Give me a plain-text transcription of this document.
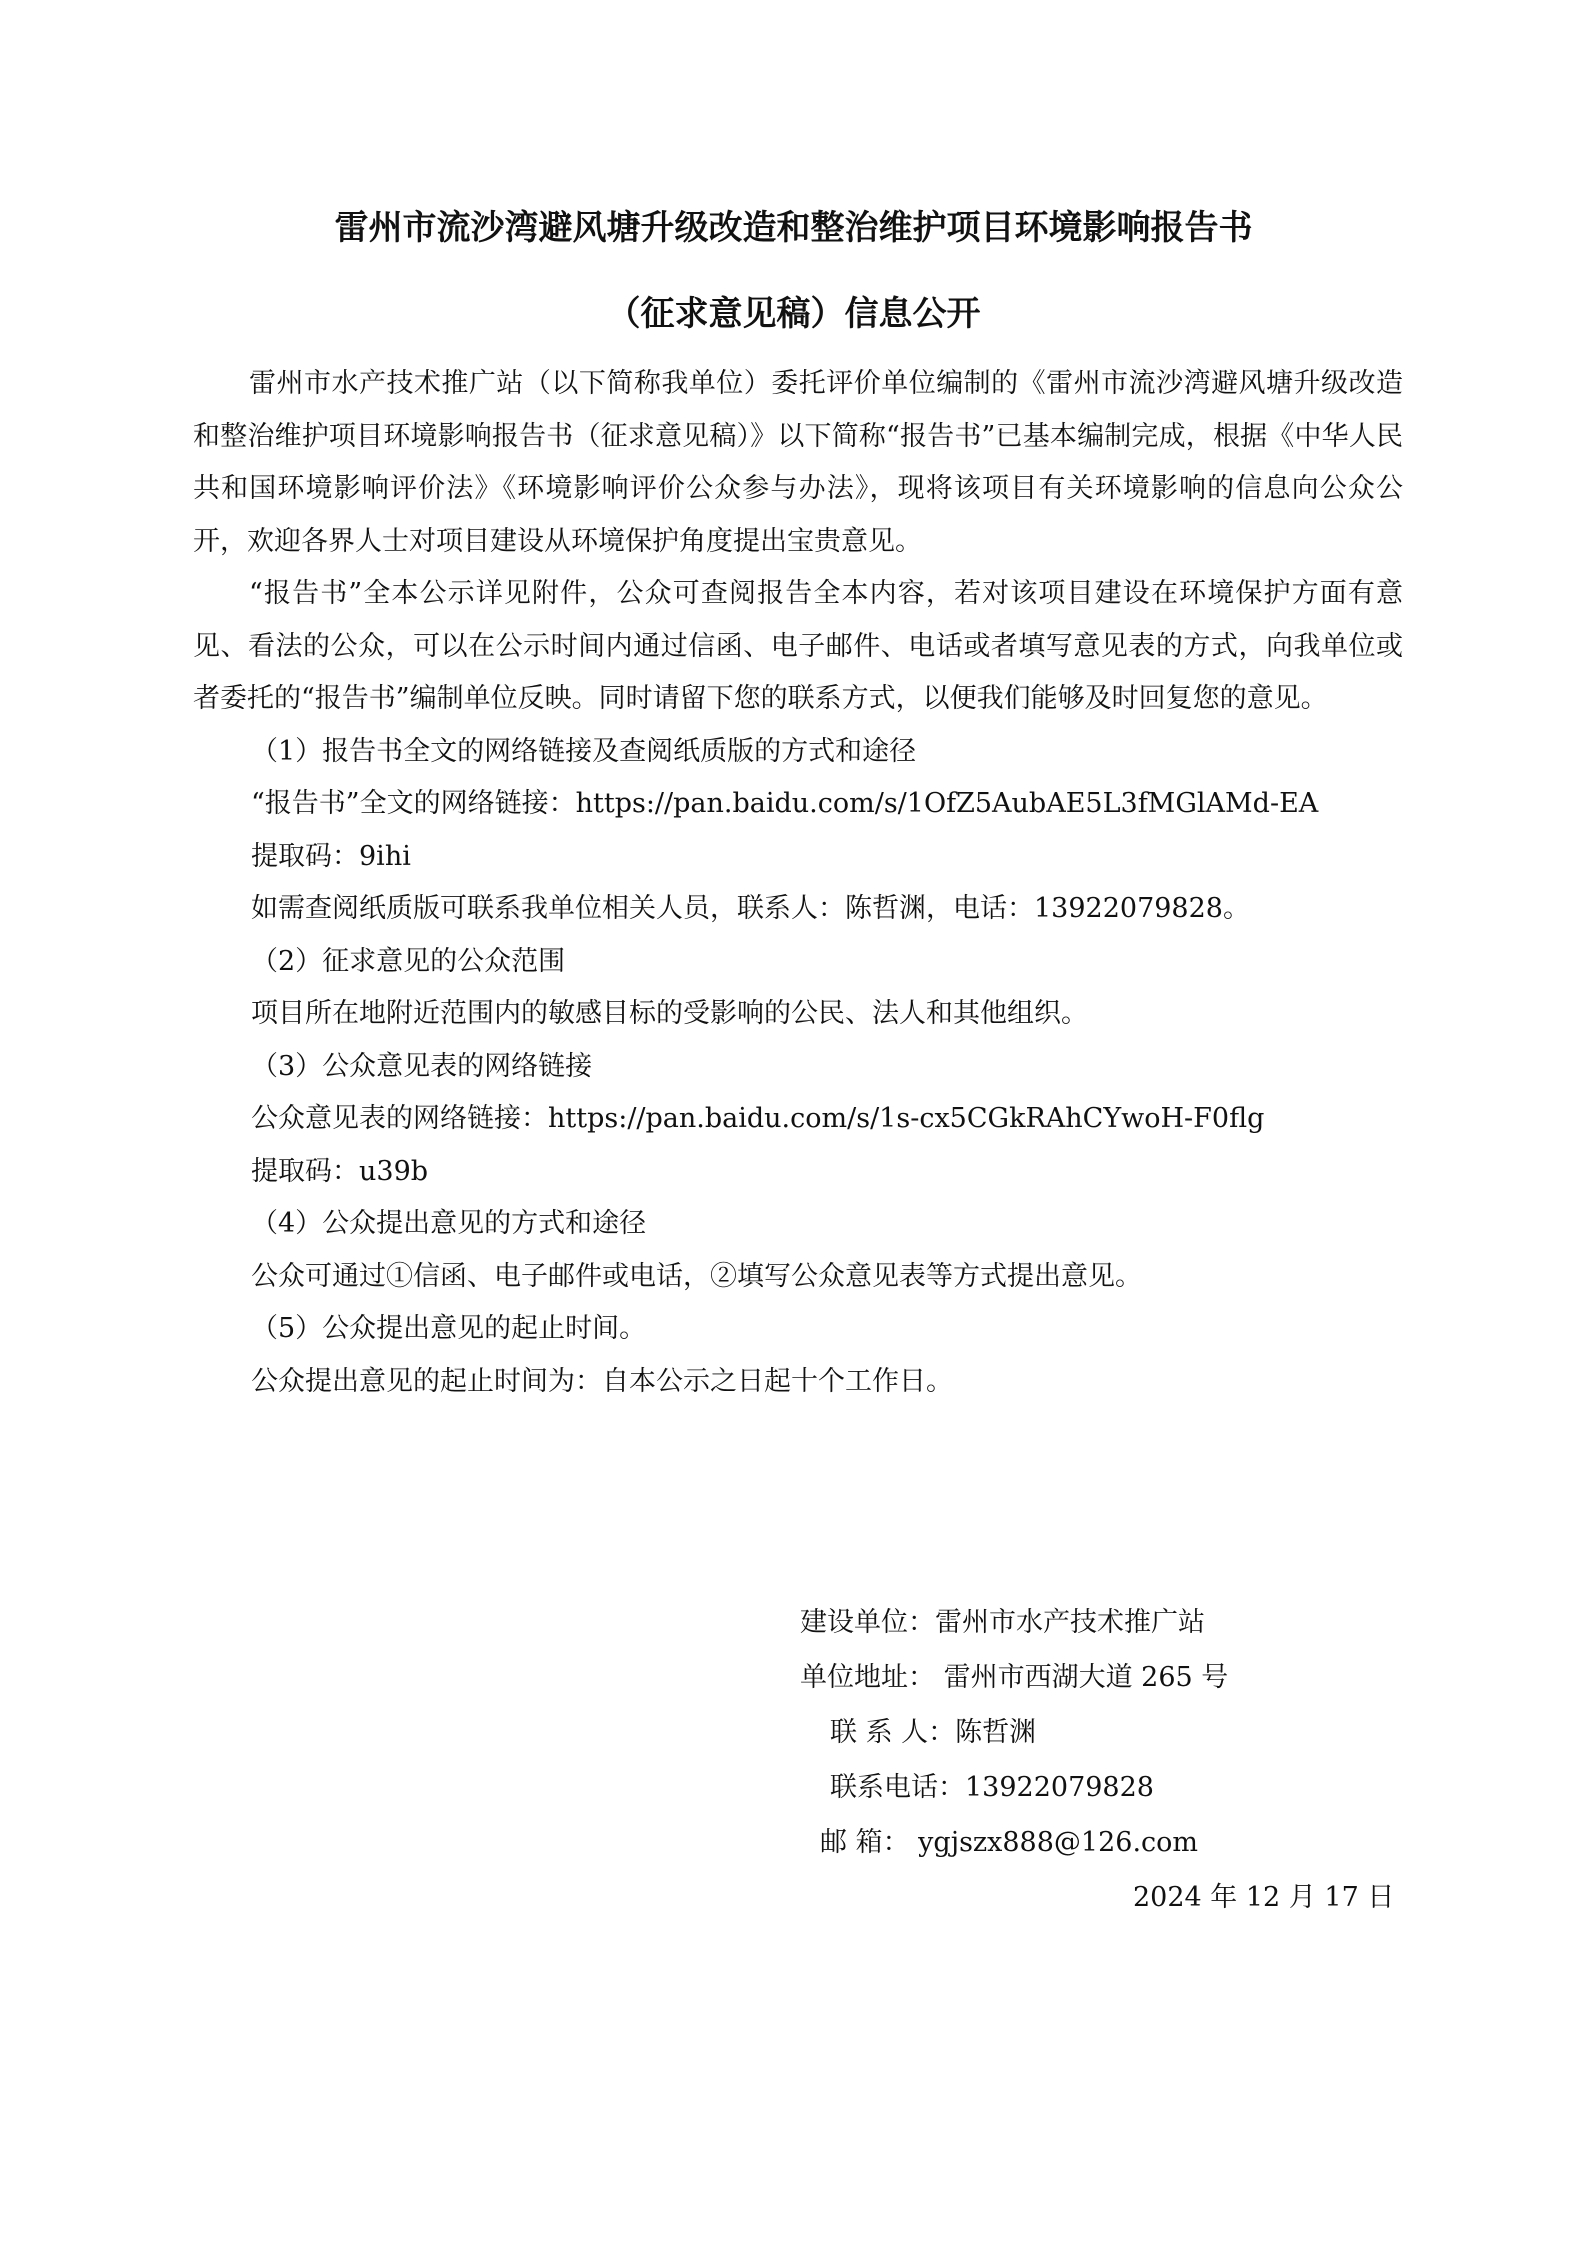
雷州市流沙湾避风塘升级改造和整治维护项目环境影响报告书
（征求意见稿）信息公开

雷州市水产技术推广站（以下简称我单位）委托评价单位编制的《雷州市流沙湾避风塘升级改造和整治维护项目环境影响报告书（征求意见稿）》以下简称“报告书”已基本编制完成，根据《中华人民共和国环境影响评价法》《环境影响评价公众参与办法》，现将该项目有关环境影响的信息向公众公开，欢迎各界人士对项目建设从环境保护角度提出宝贵意见。

“报告书”全本公示详见附件，公众可查阅报告全本内容，若对该项目建设在环境保护方面有意见、看法的公众，可以在公示时间内通过信函、电子邮件、电话或者填写意见表的方式，向我单位或者委托的“报告书”编制单位反映。同时请留下您的联系方式，以便我们能够及时回复您的意见。

（1）报告书全文的网络链接及查阅纸质版的方式和途径

“报告书”全文的网络链接：https://pan.baidu.com/s/1OfZ5AubAE5L3fMGlAMd-EA

提取码：9ihi

如需查阅纸质版可联系我单位相关人员，联系人：陈哲渊，电话：13922079828。

（2）征求意见的公众范围

项目所在地附近范围内的敏感目标的受影响的公民、法人和其他组织。

（3）公众意见表的网络链接

公众意见表的网络链接：https://pan.baidu.com/s/1s-cx5CGkRAhCYwoH-F0flg

提取码：u39b

（4）公众提出意见的方式和途径

公众可通过①信函、电子邮件或电话，②填写公众意见表等方式提出意见。

（5）公众提出意见的起止时间。

公众提出意见的起止时间为：自本公示之日起十个工作日。

建设单位：雷州市水产技术推广站

单位地址： 雷州市西湖大道 265 号

联 系 人：陈哲渊

联系电话：13922079828

邮 箱： ygjszx888@126.com

2024 年 12 月 17 日
